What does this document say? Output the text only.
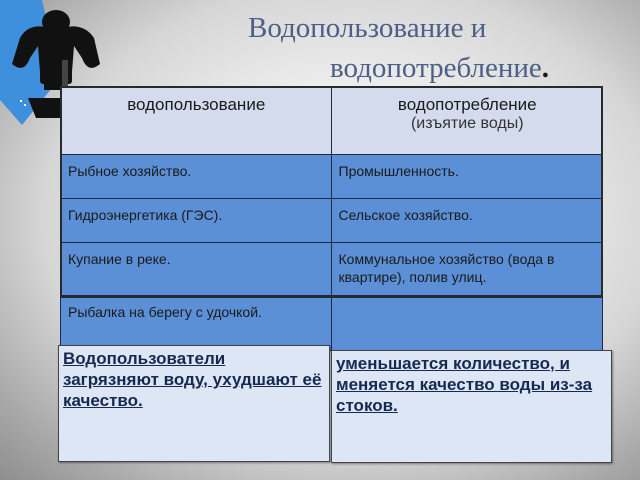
Водопользование и
водопотребление.
водопользование	водопотребление
(изъятие воды)

Рыбное хозяйство.	Промышленность.
Гидроэнергетика (ГЭС).	Сельское хозяйство.
Купание в реке.	Коммунальное хозяйство (вода в квартире), полив улиц.
Рыбалка на берегу с удочкой.	
Водопользователи загрязняют воду, ухудшают её качество.
уменьшается количество, и меняется качество воды из-за стоков.
